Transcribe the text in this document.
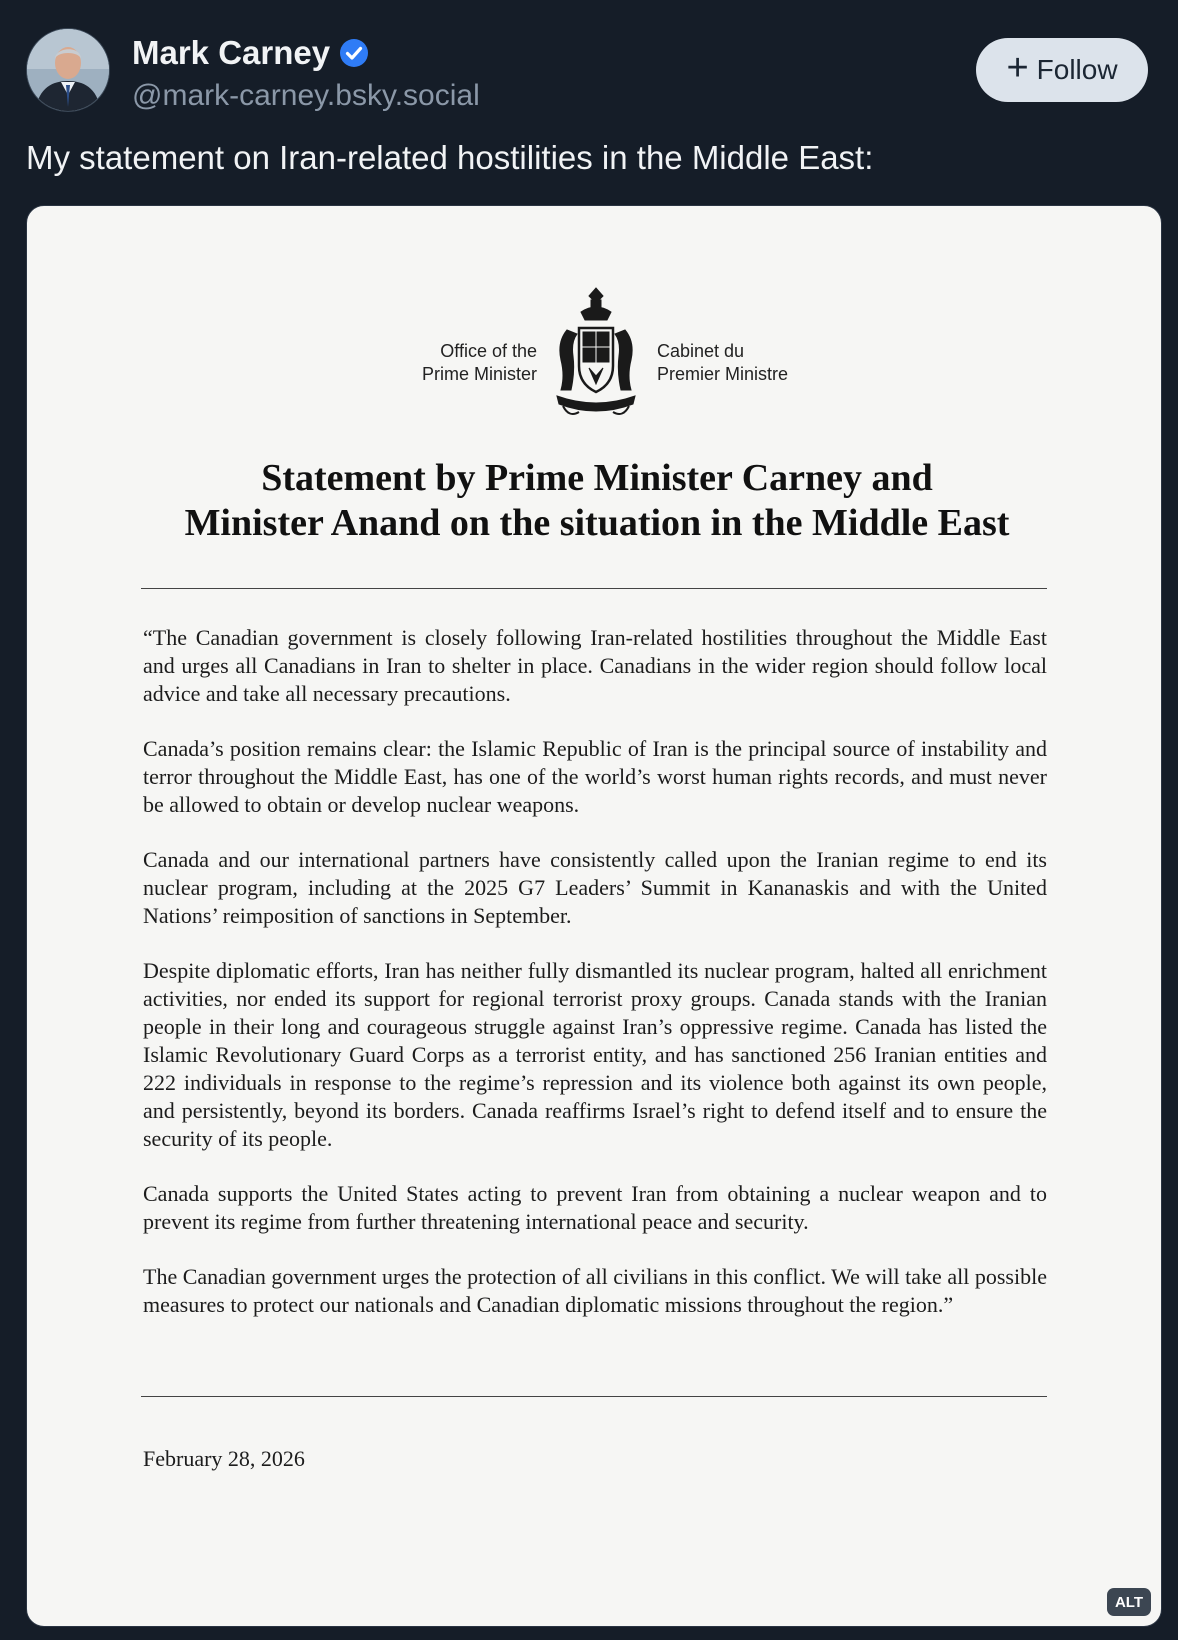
Mark Carney
@mark-carney.bsky.social
+ Follow
My statement on Iran-related hostilities in the Middle East:
Office of the
Prime Minister
Cabinet du
Premier Ministre
Statement by Prime Minister Carney and
Minister Anand on the situation in the Middle East

“The Canadian government is closely following Iran-related hostilities throughout the Middle East and urges all Canadians in Iran to shelter in place. Canadians in the wider region should follow local advice and take all necessary precautions.

Canada’s position remains clear: the Islamic Republic of Iran is the principal source of instability and terror throughout the Middle East, has one of the world’s worst human rights records, and must never be allowed to obtain or develop nuclear weapons.

Canada and our international partners have consistently called upon the Iranian regime to end its nuclear program, including at the 2025 G7 Leaders’ Summit in Kananaskis and with the United Nations’ reimposition of sanctions in September.

Despite diplomatic efforts, Iran has neither fully dismantled its nuclear program, halted all enrichment activities, nor ended its support for regional terrorist proxy groups. Canada stands with the Iranian people in their long and courageous struggle against Iran’s oppressive regime. Canada has listed the Islamic Revolutionary Guard Corps as a terrorist entity, and has sanctioned 256 Iranian entities and 222 individuals in response to the regime’s repression and its violence both against its own people, and persistently, beyond its borders. Canada reaffirms Israel’s right to defend itself and to ensure the security of its people.

Canada supports the United States acting to prevent Iran from obtaining a nuclear weapon and to prevent its regime from further threatening international peace and security.

The Canadian government urges the protection of all civilians in this conflict. We will take all possible measures to protect our nationals and Canadian diplomatic missions throughout the region.”

February 28, 2026
ALT
